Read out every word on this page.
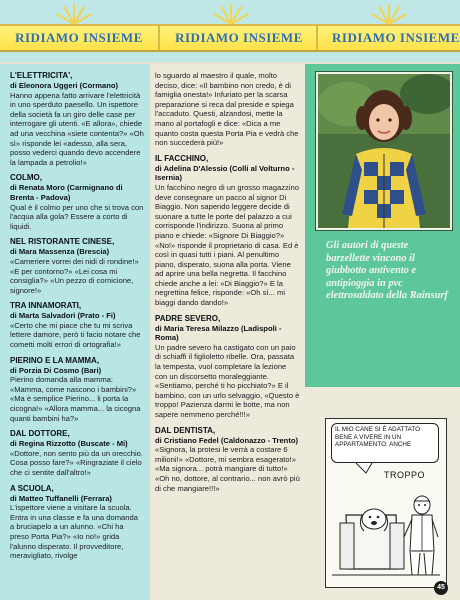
RIDIAMO INSIEME RIDIAMO INSIEME RIDIAMO INSIEME
L'ELETTRICITA',
di Eleonora Uggeri (Cormano)

Hanno appena fatto arrivare l'elettricità in uno sperduto paesello. Un ispettore della società fa un giro delle case per interrogare gli utenti. «E allora», chiede ad una vecchina «siete contenta?» «Oh sì» risponde lei «adesso, alla sera, posso vederci quando devo accendere la lampada a petrolio!»

COLMO,
di Renata Moro (Carmignano di Brenta - Padova)

Qual è il colmo per uno che si trova con l'acqua alla gola? Essere a corto di liquidi.

NEL RISTORANTE CINESE,
di Mara Massenza (Brescia)

«Cameriere vorrei dei nidi di rondine!» «E per contorno?» «Lei cosa mi consiglia?» «Un pezzo di cornicione, signore!»

TRA INNAMORATI,
di Marta Salvadori (Prato - Fi)

«Certo che mi piace che tu mi scriva lettere damore, però ti facio notare che cometti molti errori di ortografia!»

PIERINO E LA MAMMA,
di Porzia Di Cosmo (Bari)

Pierino domanda alla mamma: «Mamma, come nascono i bambini?» «Ma è semplice Pierino... li porta la cicogna!» «Allora mamma... la cicogna quanti bambini ha?»

DAL DOTTORE,
di Regina Rizzotto (Buscate - Mi)

«Dottore, non sento più da un orecchio. Cosa posso fare?» «Ringraziate il cielo che ci sentite dall'altro!»

A SCUOLA,
di Matteo Tuffanelli (Ferrara)

L'ispettore viene a visitare la scuola. Entra in una classe e fa una domanda a bruciapelo a un alunno. «Chi ha preso Porta Pia?» «Io no!» grida l'alunno disperato. Il provveditore, meravigliato, rivolge

lo sguardo al maestro il quale, molto deciso, dice: «Il bambino non credo, è di famiglia onesta!» Infuriato per la scarsa preparazione si reca dal preside e spiega l'accaduto. Questi, alzandosi, mette la mano al portafogli e dice: «Dica a me quanto costa questa Porta Pia e vedrà che non succederà più!»

IL FACCHINO,
di Adelina D'Alessio (Colli al Volturno - Isernia)

Un facchino negro di un grosso magazzino deve consegnare un pacco al signor Di Biaggio. Non sapendo leggere decide di suonare a tutte le porte del palazzo a cui corrisponde l'indirizzo. Suona al primo piano e chiede: «Signore Di Biaggio?» «No!» risponde il proprietario di casa. Ed è così in quasi tutti i piani. Al penultimo piano, disperato, suona alla porta. Viene ad aprire una bella negretta. Il facchino chiede anche a lei: «Di Biaggio?» E la negrettina felice, risponde: «Oh sì... mi biaggi dando dando!»

PADRE SEVERO,
di Maria Teresa Milazzo (Ladispoli - Roma)

Un padre severo ha castigato con un paio di schiaffi il figlioletto ribelle. Ora, passata la tempesta, vuol completare la lezione con un discorsetto moraleggiante. «Sentiamo, perché ti ho picchiato?» E il bambino, con un urlo selvaggio, «Questo è troppo! Pazienza darmi le botte, ma non sapere nemmeno perché!!!»

DAL DENTISTA,
di Cristiano Fedel (Caldonazzo - Trento)

«Signora, la protesi le verrà a costare 6 milioni!» «Dottore, mi sembra esagerato!» «Ma signora... potrà mangiare di tutto!» «Oh no, dottore, al contrario... non avrò più di che mangiare!!!»

Gli autori di queste barzellette vincono il giubbotto antivento e antipioggia in pvc elettrosaldato della Rainsurf
IL MIO CANE SI È ADATTATO BENE A VIVERE IN UN APPARTAMENTO: ANCHE
TROPPO
45
